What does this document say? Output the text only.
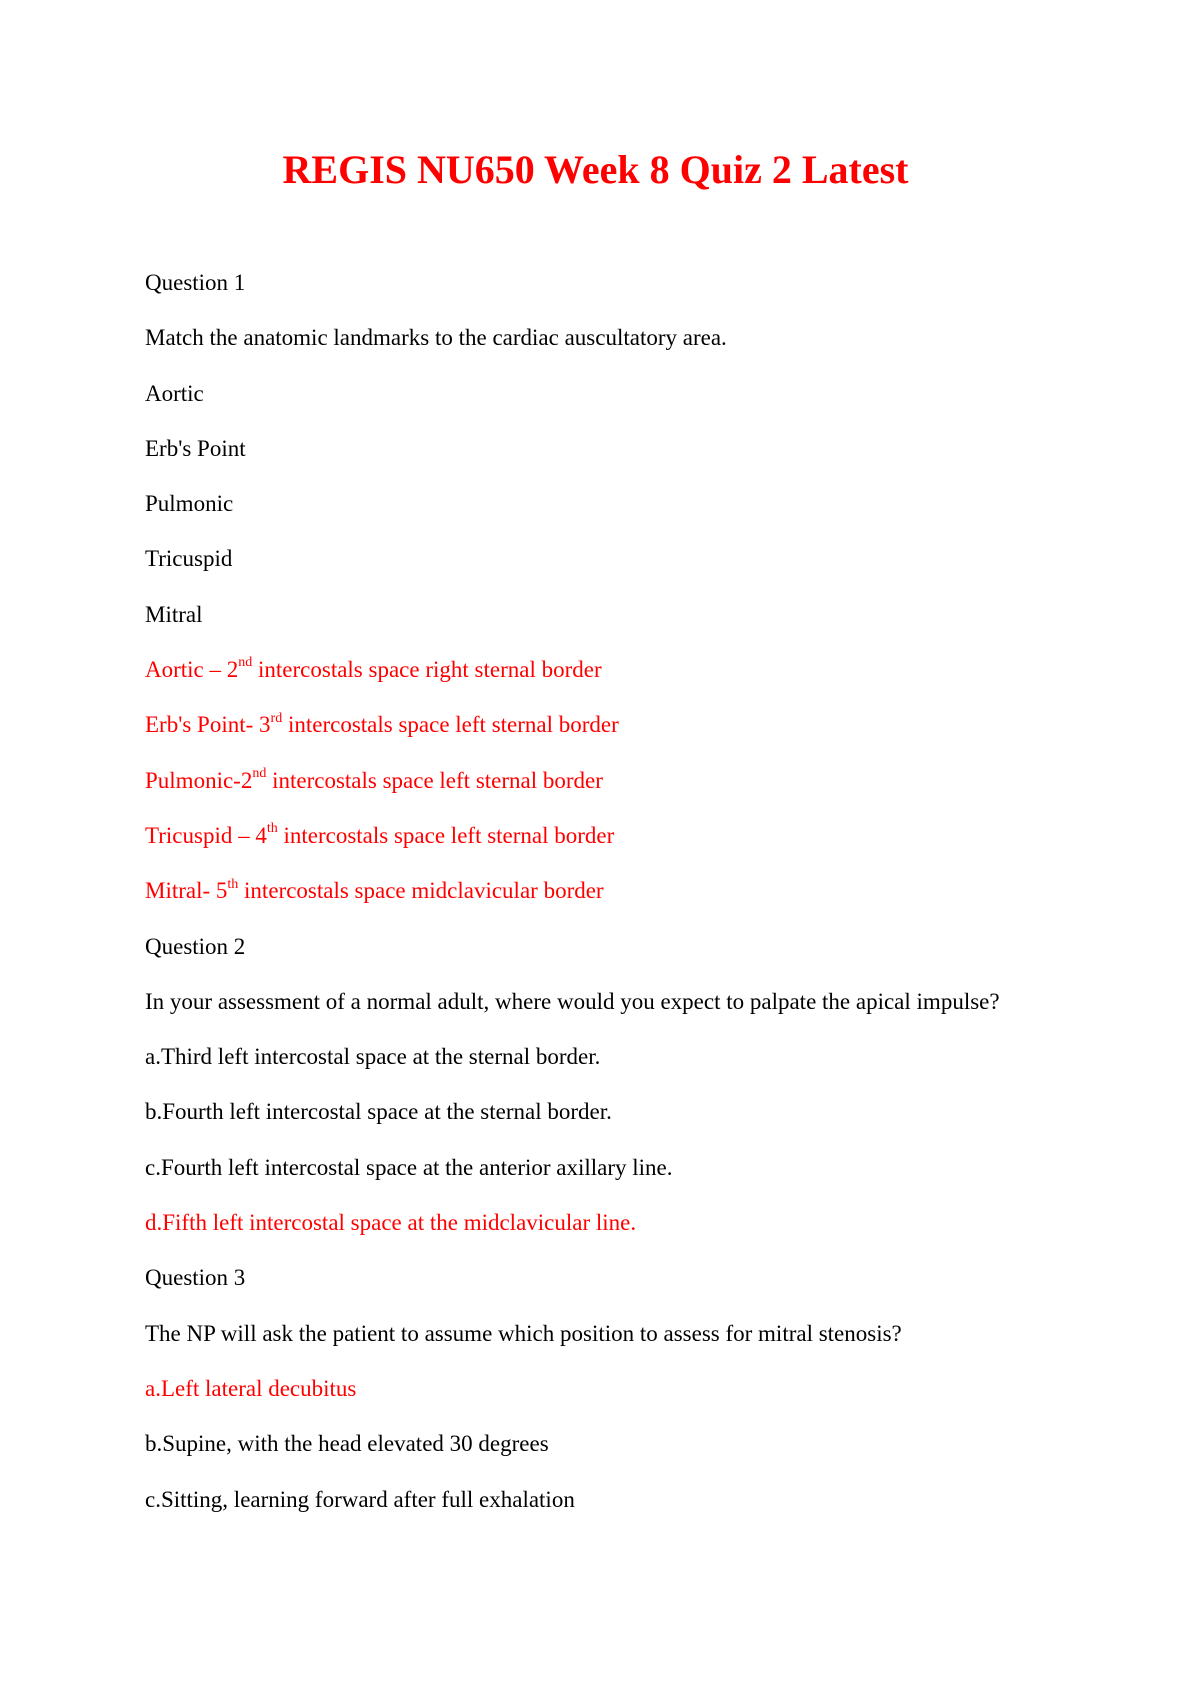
REGIS NU650 Week 8 Quiz 2 Latest
Question 1
Match the anatomic landmarks to the cardiac auscultatory area.
Aortic
Erb's Point
Pulmonic
Tricuspid
Mitral
Aortic – 2nd intercostals space right sternal border
Erb's Point- 3rd intercostals space left sternal border
Pulmonic-2nd intercostals space left sternal border
Tricuspid – 4th intercostals space left sternal border
Mitral- 5th intercostals space midclavicular border
Question 2
In your assessment of a normal adult, where would you expect to palpate the apical impulse?
a.Third left intercostal space at the sternal border.
b.Fourth left intercostal space at the sternal border.
c.Fourth left intercostal space at the anterior axillary line.
d.Fifth left intercostal space at the midclavicular line.
Question 3
The NP will ask the patient to assume which position to assess for mitral stenosis?
a.Left lateral decubitus
b.Supine, with the head elevated 30 degrees
c.Sitting, learning forward after full exhalation
